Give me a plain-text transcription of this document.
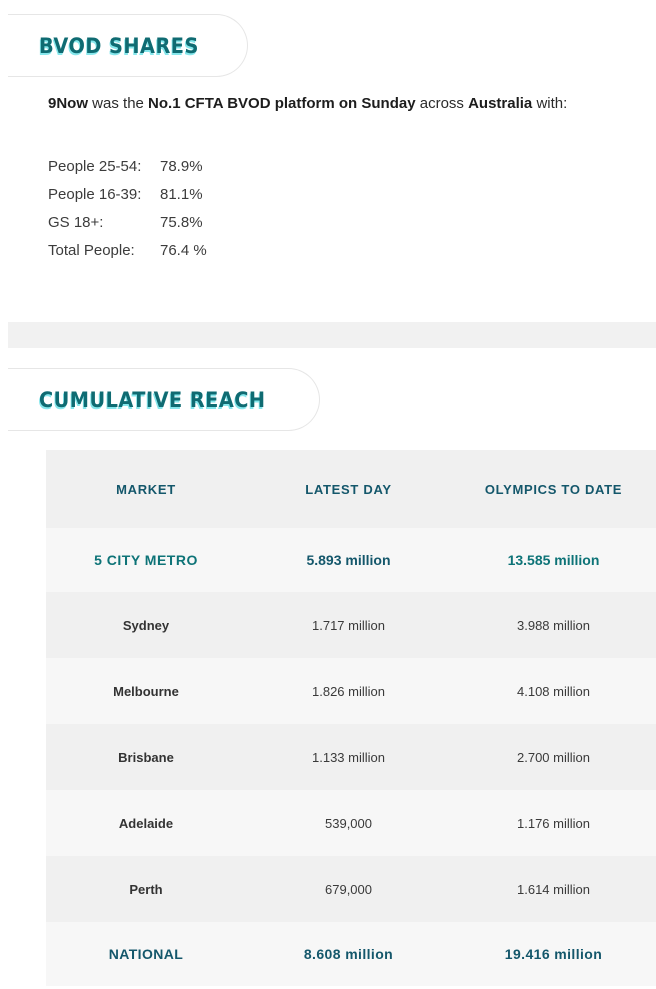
BVOD SHARES
9Now was the No.1 CFTA BVOD platform on Sunday across Australia with:
People 25-54:	78.9%
People 16-39:	81.1%
GS 18+:	75.8%
Total People:	76.4 %
CUMULATIVE REACH
MARKET	LATEST DAY	OLYMPICS TO DATE
5 CITY METRO	5.893 million	13.585 million
Sydney	1.717 million	3.988 million
Melbourne	1.826 million	4.108 million
Brisbane	1.133 million	2.700 million
Adelaide	539,000	1.176 million
Perth	679,000	1.614 million
NATIONAL	8.608 million	19.416 million
